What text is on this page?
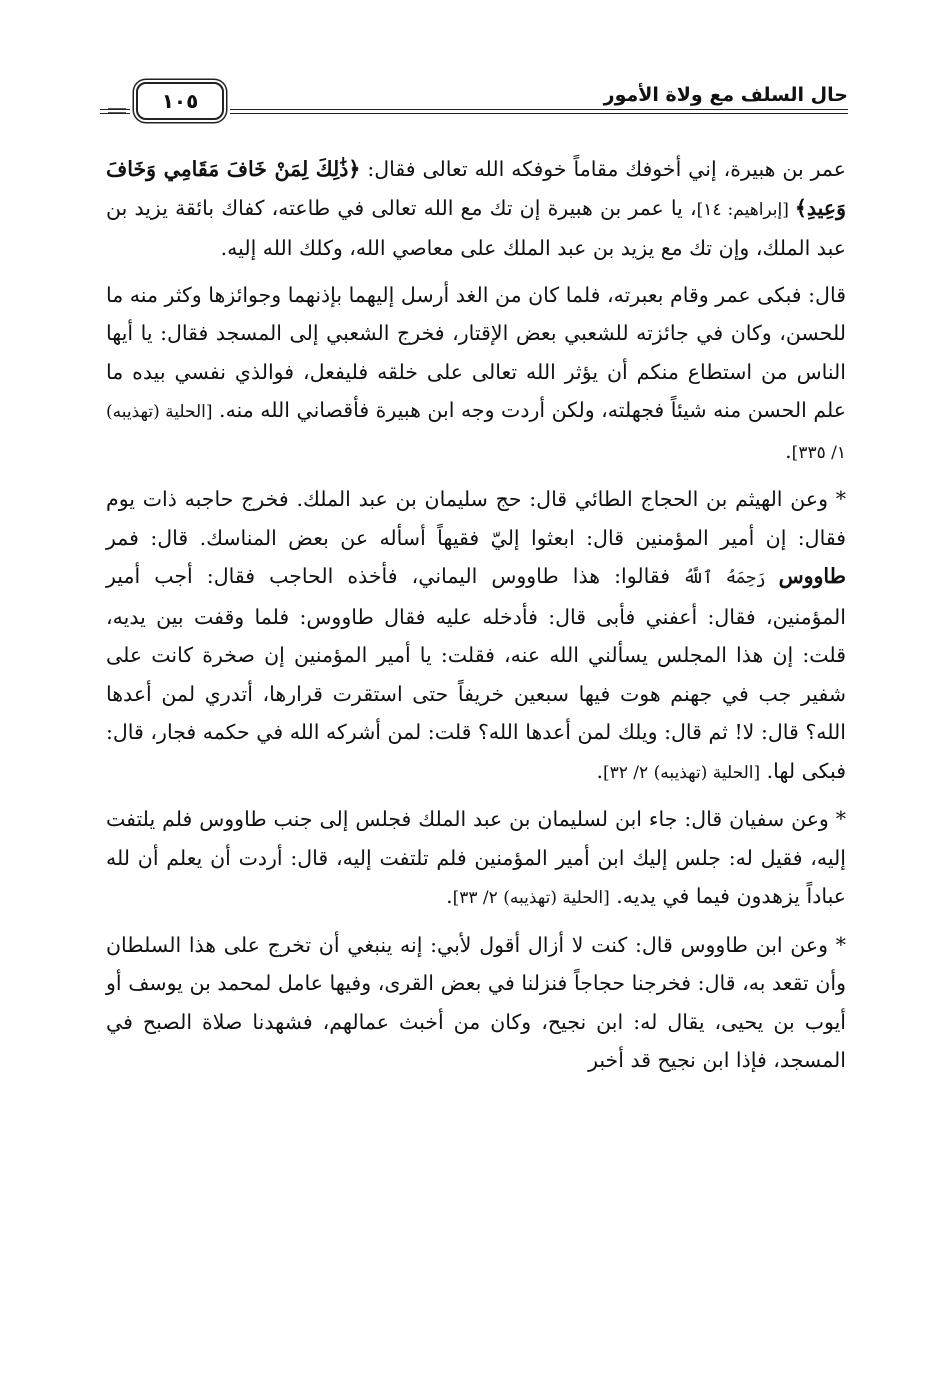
حال السلف مع ولاة الأمور
١٠٥

عمر بن هبيرة، إني أخوفك مقاماً خوفكه الله تعالى فقال: ﴿ذَٰلِكَ لِمَنْ خَافَ مَقَامِي وَخَافَ وَعِيدِ﴾ [إبراهيم: ١٤]، يا عمر بن هبيرة إن تك مع الله تعالى في طاعته، كفاك بائقة يزيد بن عبد الملك، وإن تك مع يزيد بن عبد الملك على معاصي الله، وكلك الله إليه.

قال: فبكى عمر وقام بعبرته، فلما كان من الغد أرسل إليهما بإذنهما وجوائزها وكثر منه ما للحسن، وكان في جائزته للشعبي بعض الإقتار، فخرج الشعبي إلى المسجد فقال: يا أيها الناس من استطاع منكم أن يؤثر الله تعالى على خلقه فليفعل، فوالذي نفسي بيده ما علم الحسن منه شيئاً فجهلته، ولكن أردت وجه ابن هبيرة فأقصاني الله منه. [الحلية (تهذيبه) ١/ ٣٣٥].

* وعن الهيثم بن الحجاج الطائي قال: حج سليمان بن عبد الملك. فخرج حاجبه ذات يوم فقال: إن أمير المؤمنين قال: ابعثوا إليّ فقيهاً أسأله عن بعض المناسك. قال: فمر طاووس رَحِمَهُ ٱللَّهُ فقالوا: هذا طاووس اليماني، فأخذه الحاجب فقال: أجب أمير المؤمنين، فقال: أعفني فأبى قال: فأدخله عليه فقال طاووس: فلما وقفت بين يديه، قلت: إن هذا المجلس يسألني الله عنه، فقلت: يا أمير المؤمنين إن صخرة كانت على شفير جب في جهنم هوت فيها سبعين خريفاً حتى استقرت قرارها، أتدري لمن أعدها الله؟ قال: لا! ثم قال: ويلك لمن أعدها الله؟ قلت: لمن أشركه الله في حكمه فجار، قال: فبكى لها. [الحلية (تهذيبه) ٢/ ٣٢].

* وعن سفيان قال: جاء ابن لسليمان بن عبد الملك فجلس إلى جنب طاووس فلم يلتفت إليه، فقيل له: جلس إليك ابن أمير المؤمنين فلم تلتفت إليه، قال: أردت أن يعلم أن لله عباداً يزهدون فيما في يديه. [الحلية (تهذيبه) ٢/ ٣٣].

* وعن ابن طاووس قال: كنت لا أزال أقول لأبي: إنه ينبغي أن تخرج على هذا السلطان وأن تقعد به، قال: فخرجنا حجاجاً فنزلنا في بعض القرى، وفيها عامل لمحمد بن يوسف أو أيوب بن يحيى، يقال له: ابن نجيح، وكان من أخبث عمالهم، فشهدنا صلاة الصبح في المسجد، فإذا ابن نجيح قد أخبر
